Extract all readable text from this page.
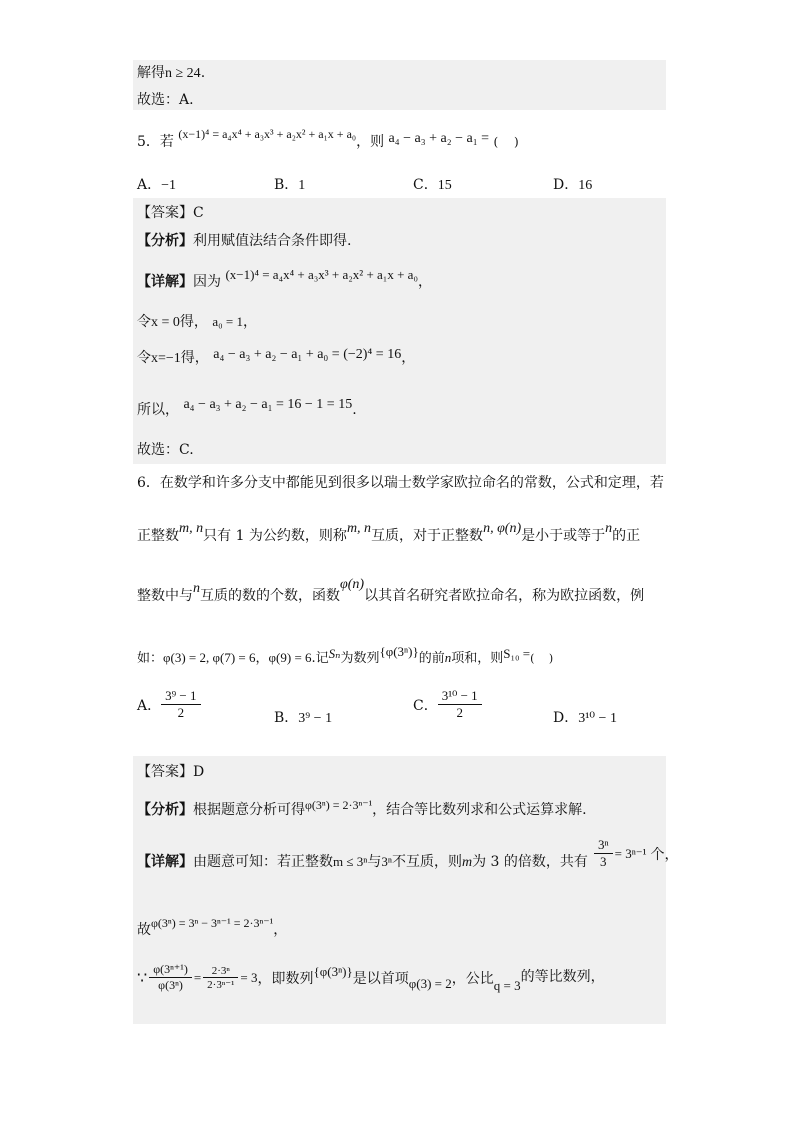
解得n ≥ 24.
故选：A.
5．若 (x−1)⁴ = a₄x⁴ + a₃x³ + a₂x² + a₁x + a₀，则 a₄ − a₃ + a₂ − a₁ = (　 )
A．−1	B．1	C．15	D．16
【答案】C
【分析】利用赋值法结合条件即得.
【详解】因为 (x−1)⁴ = a₄x⁴ + a₃x³ + a₂x² + a₁x + a₀，
令x = 0得， a₀ = 1，
令x=−1得， a₄ − a₃ + a₂ − a₁ + a₀ = (−2)⁴ = 16，
所以， a₄ − a₃ + a₂ − a₁ = 16 − 1 = 15.
故选：C.
6．在数学和许多分支中都能见到很多以瑞士数学家欧拉命名的常数，公式和定理，若
正整数m, n只有 1 为公约数，则称m, n互质，对于正整数n, φ(n)是小于或等于n的正
整数中与n互质的数的个数，函数φ(n)以其首名研究者欧拉命名，称为欧拉函数，例
如：φ(3) = 2, φ(7) = 6，φ(9) = 6.记Sₙ为数列{φ(3ⁿ)}的前n项和，则S₁₀ =(　 )
A． $\frac{\text{3⁹ − 1}}{2}$	B．3⁹ − 1
C． $\frac{\text{3¹⁰ − 1}}{2}$	D．3¹⁰ − 1
【答案】D
【分析】根据题意分析可得φ(3ⁿ) = 2·3ⁿ⁻¹，结合等比数列求和公式运算求解.
【详解】由题意可知：若正整数m ≤ 3ⁿ与3ⁿ不互质，则m为 3 的倍数，共有 $\frac{\text{3ⁿ}}{3} = 3^{n-1}$ 个，
故φ(3ⁿ) = 3ⁿ − 3ⁿ⁻¹ = 2·3ⁿ⁻¹，
∵ $\frac{\text{φ(3ⁿ⁺¹)}}{\text{φ(3ⁿ)}} = \frac{\text{2·3ⁿ}}{\text{2·3ⁿ⁻¹}} = 3$ ，即数列 {φ(3ⁿ)} 是以首项 φ(3) = 2 ，公比 q = 3
的等比数列，
